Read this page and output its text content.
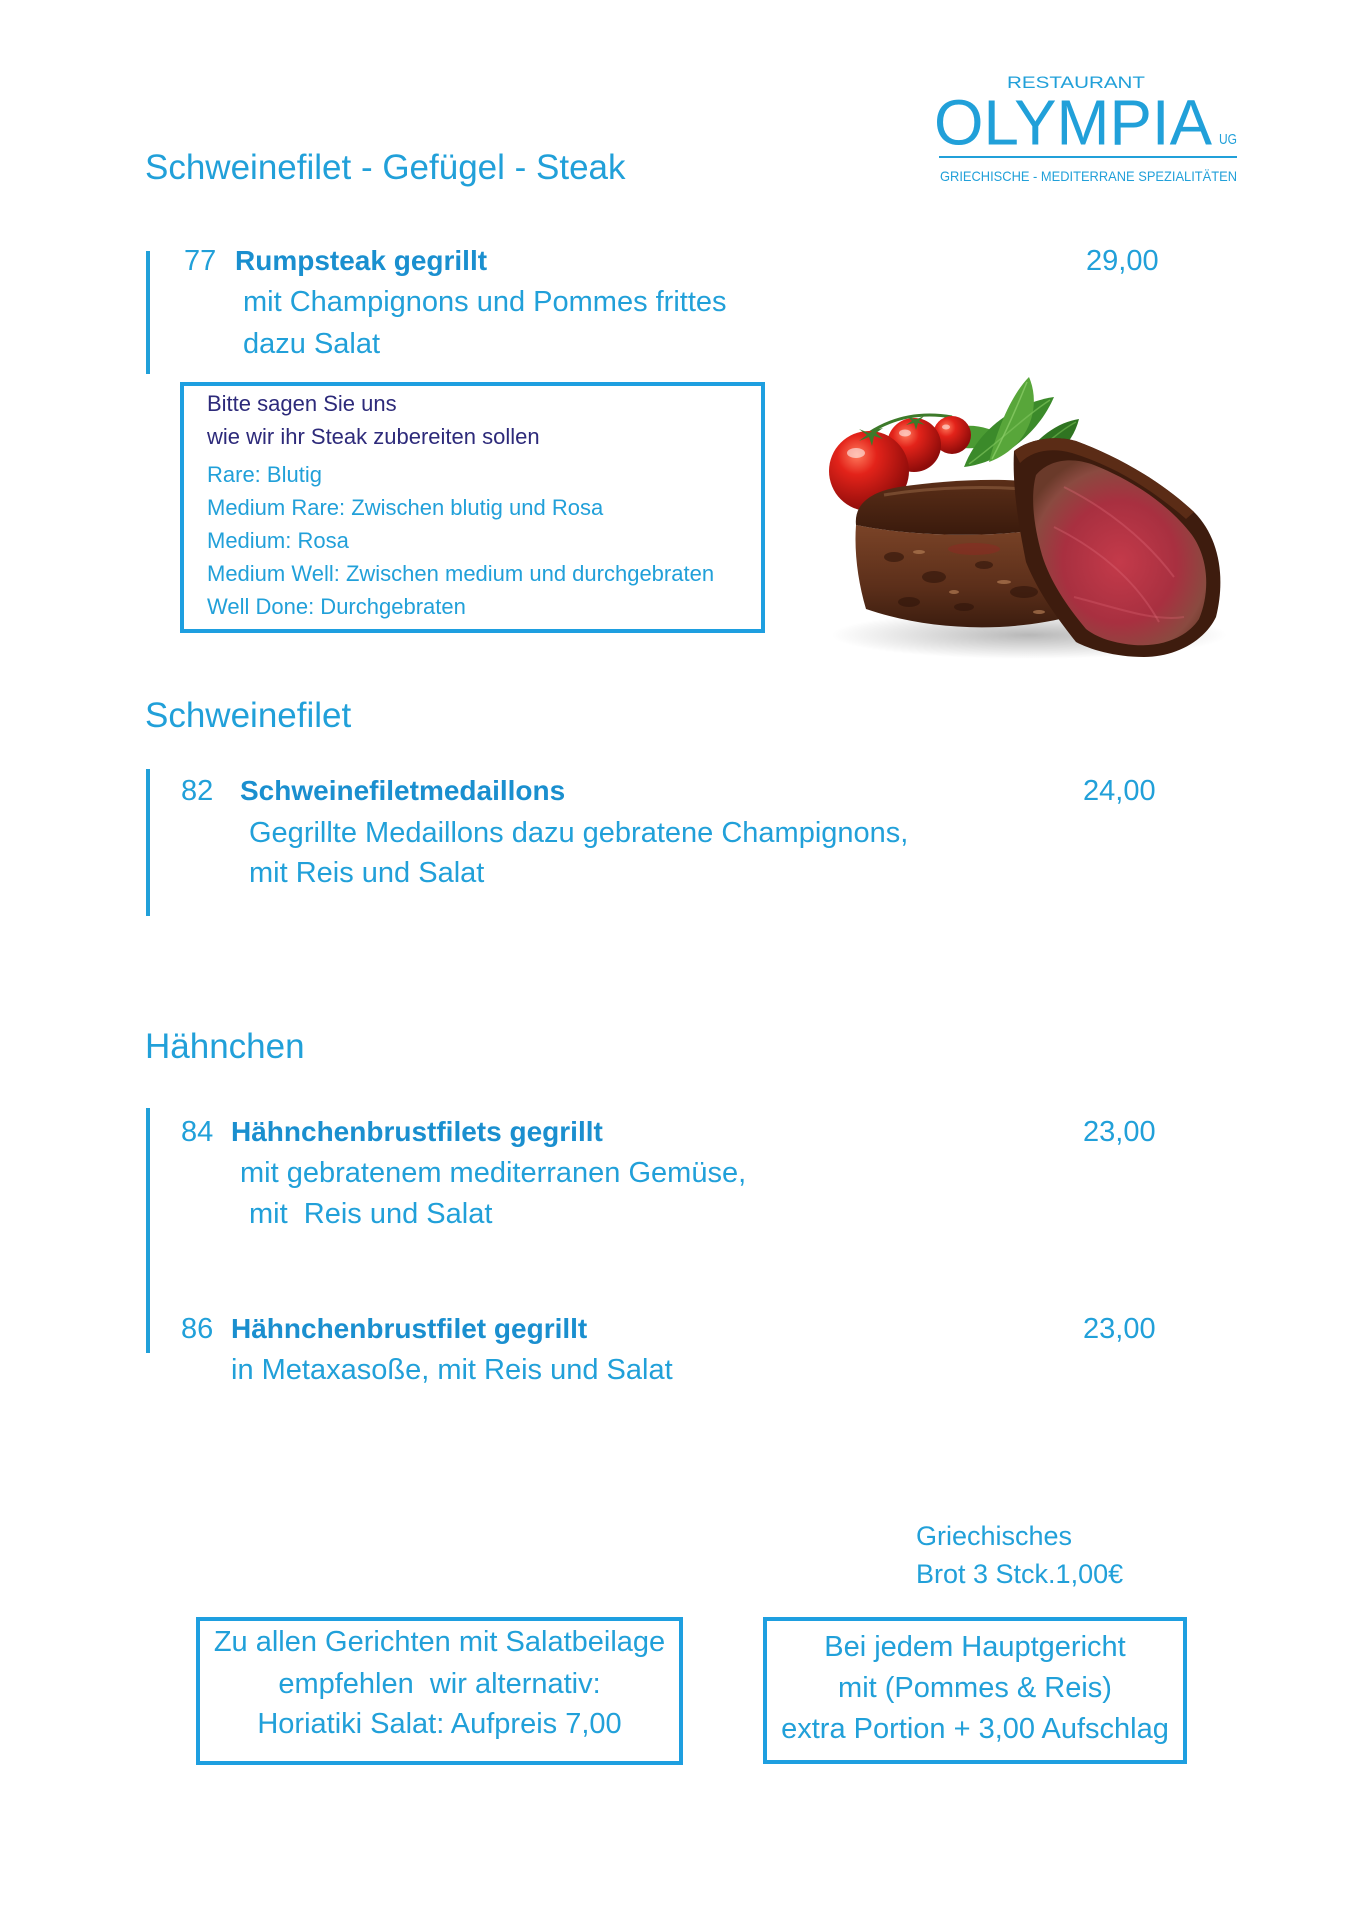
RESTAURANT
OLYMPIA UG
GRIECHISCHE - MEDITERRANE SPEZIALITÄTEN
Schweinefilet - Gefügel - Steak
77 Rumpsteak gegrillt	29,00
mit Champignons und Pommes frittes
dazu Salat
Bitte sagen Sie uns
wie wir ihr Steak zubereiten sollen
Rare: Blutig
Medium Rare: Zwischen blutig und Rosa
Medium: Rosa
Medium Well: Zwischen medium und durchgebraten
Well Done: Durchgebraten
Schweinefilet
82 Schweinefiletmedaillons	24,00
Gegrillte Medaillons dazu gebratene Champignons,
mit Reis und Salat
Hähnchen
84 Hähnchenbrustfilets gegrillt	23,00
mit gebratenem mediterranen Gemüse,
mit  Reis und Salat
86 Hähnchenbrustfilet gegrillt	23,00
in Metaxasoße, mit Reis und Salat
Griechisches
Brot 3 Stck.1,00€
Zu allen Gerichten mit Salatbeilage
empfehlen  wir alternativ:
Horiatiki Salat: Aufpreis 7,00
Bei jedem Hauptgericht
mit (Pommes & Reis)
extra Portion + 3,00 Aufschlag
